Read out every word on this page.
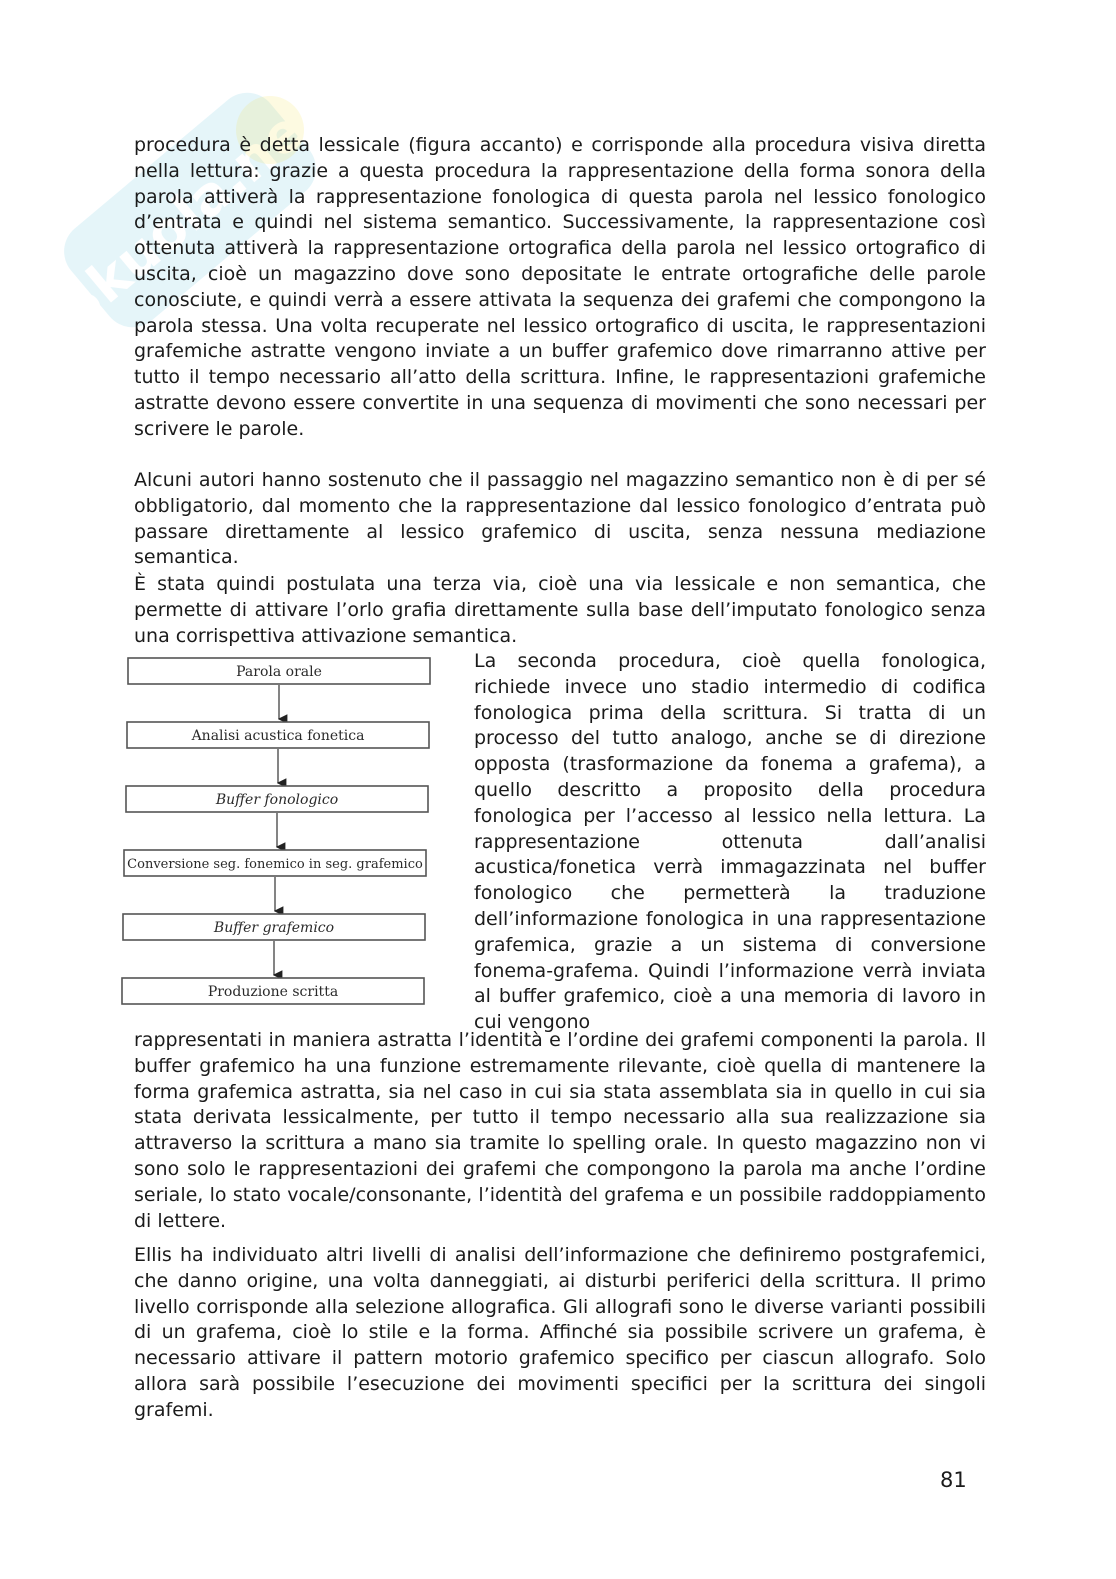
Skuola.net

procedura è detta lessicale (figura accanto) e corrisponde alla procedura visiva diretta nella lettura: grazie a questa procedura la rappresentazione della forma sonora della parola attiverà la rappresentazione fonologica di questa parola nel lessico fonologico d’entrata e quindi nel sistema semantico. Successivamente, la rappresentazione così ottenuta attiverà la rappresentazione ortografica della parola nel lessico ortografico di uscita, cioè un magazzino dove sono depositate le entrate ortografiche delle parole conosciute, e quindi verrà a essere attivata la sequenza dei grafemi che compongono la parola stessa. Una volta recuperate nel lessico ortografico di uscita, le rappresentazioni grafemiche astratte vengono inviate a un buffer grafemico dove rimarranno attive per tutto il tempo necessario all’atto della scrittura. Infine, le rappresentazioni grafemiche astratte devono essere convertite in una sequenza di movimenti che sono necessari per scrivere le parole.

Alcuni autori hanno sostenuto che il passaggio nel magazzino semantico non è di per sé obbligatorio, dal momento che la rappresentazione dal lessico fonologico d’entrata può passare direttamente al lessico grafemico di uscita, senza nessuna mediazione semantica.

È stata quindi postulata una terza via, cioè una via lessicale e non semantica, che permette di attivare l’orlo grafia direttamente sulla base dell’imputato fonologico senza una corrispettiva attivazione semantica.

Parola orale
Analisi acustica fonetica
Buffer fonologico
Conversione seg. fonemico in seg. grafemico
Buffer grafemico
Produzione scritta

La seconda procedura, cioè quella fonologica, richiede invece uno stadio intermedio di codifica fonologica prima della scrittura. Si tratta di un processo del tutto analogo, anche se di direzione opposta (trasformazione da fonema a grafema), a quello descritto a proposito della procedura fonologica per l’accesso al lessico nella lettura. La rappresentazione ottenuta dall’analisi acustica/fonetica verrà immagazzinata nel buffer fonologico che permetterà la traduzione dell’informazione fonologica in una rappresentazione grafemica, grazie a un sistema di conversione fonema-grafema. Quindi l’informazione verrà inviata al buffer grafemico, cioè a una memoria di lavoro in cui vengono

rappresentati in maniera astratta l’identità e l’ordine dei grafemi componenti la parola. Il buffer grafemico ha una funzione estremamente rilevante, cioè quella di mantenere la forma grafemica astratta, sia nel caso in cui sia stata assemblata sia in quello in cui sia stata derivata lessicalmente, per tutto il tempo necessario alla sua realizzazione sia attraverso la scrittura a mano sia tramite lo spelling orale. In questo magazzino non vi sono solo le rappresentazioni dei grafemi che compongono la parola ma anche l’ordine seriale, lo stato vocale/consonante, l’identità del grafema e un possibile raddoppiamento di lettere.

Ellis ha individuato altri livelli di analisi dell’informazione che definiremo postgrafemici, che danno origine, una volta danneggiati, ai disturbi periferici della scrittura. Il primo livello corrisponde alla selezione allografica. Gli allografi sono le diverse varianti possibili di un grafema, cioè lo stile e la forma. Affinché sia possibile scrivere un grafema, è necessario attivare il pattern motorio grafemico specifico per ciascun allografo. Solo allora sarà possibile l’esecuzione dei movimenti specifici per la scrittura dei singoli grafemi.

81
